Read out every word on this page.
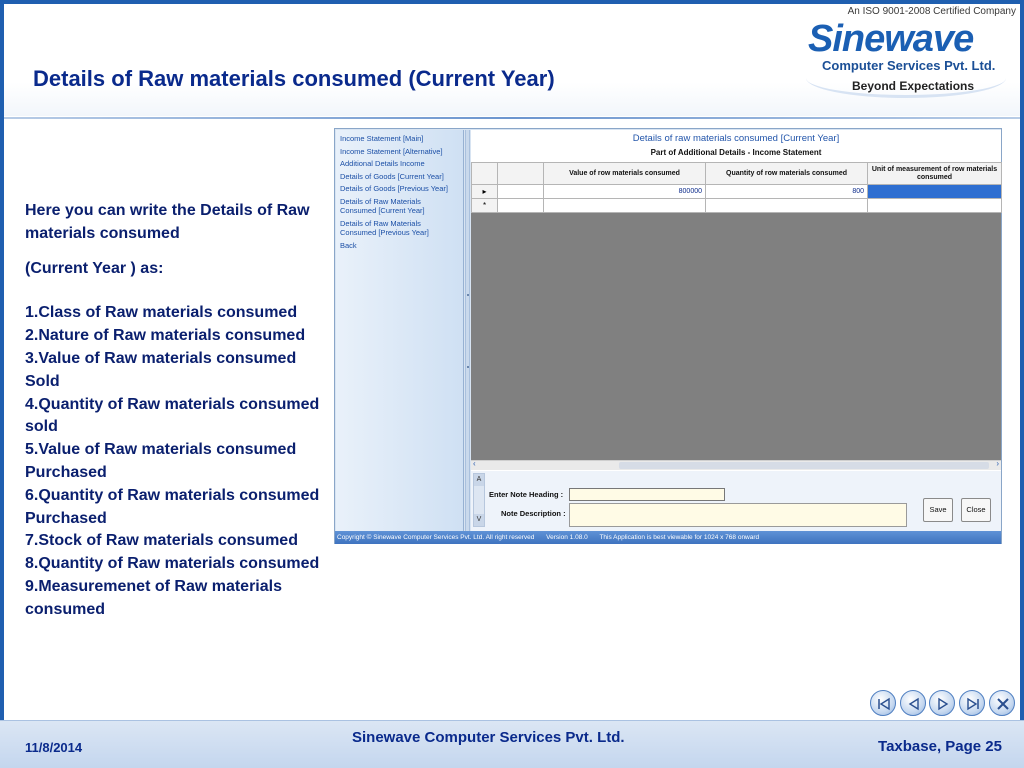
Details of Raw materials consumed (Current Year)
An ISO 9001-2008 Certified Company
Sinewave
Computer Services Pvt. Ltd.
Beyond Expectations
Here you can write the Details of Raw materials consumed
(Current Year ) as:
1.Class of Raw materials consumed
2.Nature of Raw materials consumed
3.Value of Raw materials consumed Sold
4.Quantity of Raw materials consumed sold
5.Value of Raw materials consumed Purchased
6.Quantity of Raw materials consumed Purchased
7.Stock of Raw materials consumed
8.Quantity of Raw materials consumed
9.Measuremenet of Raw materials consumed
Income Statement [Main]
Income Statement [Alternative]
Additional Details Income
Details of Goods [Current Year]
Details of Goods [Previous Year]
Details of Raw Materials Consumed [Current Year]
Details of Raw Materials Consumed [Previous Year]
Back
Details of raw materials consumed [Current Year]
Part of Additional Details - Income Statement
		Value of row materials consumed	Quantity of row materials consumed	Unit of measurement of row materials consumed
▸		800000	800	
*				
‹	›
A
V
Enter Note Heading :
Note Description :	Save	Close
Copyright © Sinewave Computer Services Pvt. Ltd. All right reserved Version 1.08.0 This Application is best viewable for 1024 x 768 onward
11/8/2014
Sinewave Computer Services Pvt. Ltd.
Taxbase, Page 25
